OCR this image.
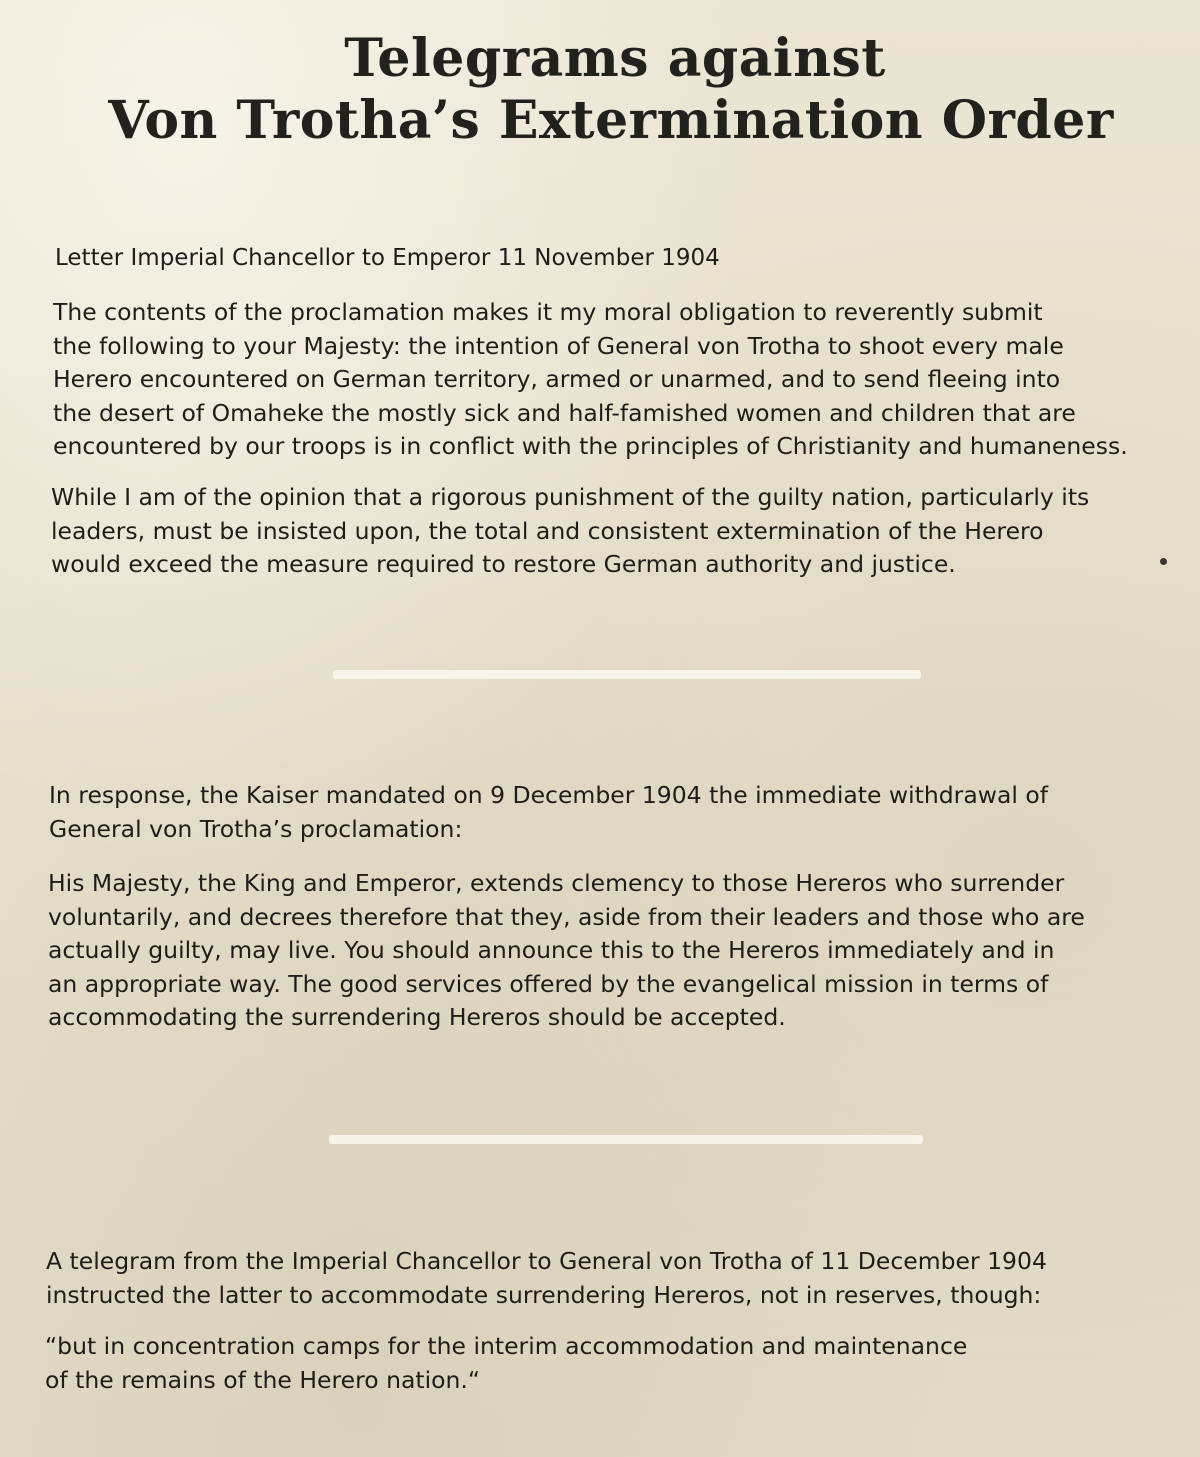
Telegrams against
Von Trotha’s Extermination Order
Letter Imperial Chancellor to Emperor 11 November 1904
The contents of the proclamation makes it my moral obligation to reverently submit
the following to your Majesty: the intention of General von Trotha to shoot every male
Herero encountered on German territory, armed or unarmed, and to send fleeing into
the desert of Omaheke the mostly sick and half-famished women and children that are
encountered by our troops is in conflict with the principles of Christianity and humaneness.
While I am of the opinion that a rigorous punishment of the guilty nation, particularly its
leaders, must be insisted upon, the total and consistent extermination of the Herero
would exceed the measure required to restore German authority and justice.
In response, the Kaiser mandated on 9 December 1904 the immediate withdrawal of
General von Trotha’s proclamation:
His Majesty, the King and Emperor, extends clemency to those Hereros who surrender
voluntarily, and decrees therefore that they, aside from their leaders and those who are
actually guilty, may live. You should announce this to the Hereros immediately and in
an appropriate way. The good services offered by the evangelical mission in terms of
accommodating the surrendering Hereros should be accepted.
A telegram from the Imperial Chancellor to General von Trotha of 11 December 1904
instructed the latter to accommodate surrendering Hereros, not in reserves, though:
“but in concentration camps for the interim accommodation and maintenance
of the remains of the Herero nation.“
